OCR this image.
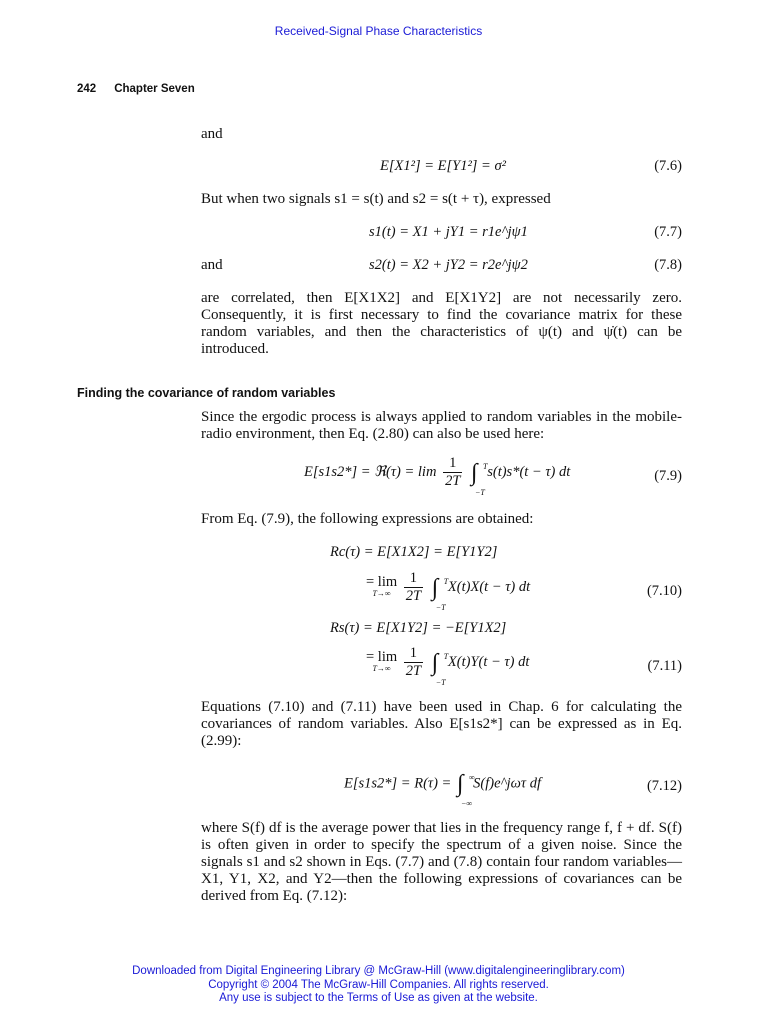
Received-Signal Phase Characteristics
242 Chapter Seven
and
E[X1²] = E[Y1²] = σ²	(7.6)
But when two signals s1 = s(t) and s2 = s(t + τ), expressed
s1(t) = X1 + jY1 = r1e^jψ1	(7.7)
and	s2(t) = X2 + jY2 = r2e^jψ2	(7.8)
are correlated, then E[X1X2] and E[X1Y2] are not necessarily zero. Consequently, it is first necessary to find the covariance matrix for these random variables, and then the characteristics of ψ(t) and ψ̇(t) can be introduced.
Finding the covariance of random variables
Since the ergodic process is always applied to random variables in the mobile-radio environment, then Eq. (2.80) can also be used here:
E[s1s2*] = ℜ(τ) = $\lim \frac{1}{2T}$ ∫ T
−T
s(t)s*(t − τ) dt	(7.9)
From Eq. (7.9), the following expressions are obtained:
Rc(τ) = E[X1X2] = E[Y1Y2]
= lim
T→∞
$\frac{1}{2T}$ ∫ T
−T
X(t)X(t − τ) dt	(7.10)
Rs(τ) = E[X1Y2] = −E[Y1X2]
= lim
T→∞
$\frac{1}{2T}$ ∫ T
−T
X(t)Y(t − τ) dt	(7.11)
Equations (7.10) and (7.11) have been used in Chap. 6 for calculating the covariances of random variables. Also E[s1s2*] can be expressed as in Eq. (2.99):
E[s1s2*] = R(τ) = ∫ ∞
−∞
S(f)e^jωτ df	(7.12)
where S(f) df is the average power that lies in the frequency range f, f + df. S(f) is often given in order to specify the spectrum of a given noise. Since the signals s1 and s2 shown in Eqs. (7.7) and (7.8) contain four random variables—X1, Y1, X2, and Y2—then the following expressions of covariances can be derived from Eq. (7.12):
Downloaded from Digital Engineering Library @ McGraw-Hill (www.digitalengineeringlibrary.com)
Copyright © 2004 The McGraw-Hill Companies. All rights reserved.
Any use is subject to the Terms of Use as given at the website.
